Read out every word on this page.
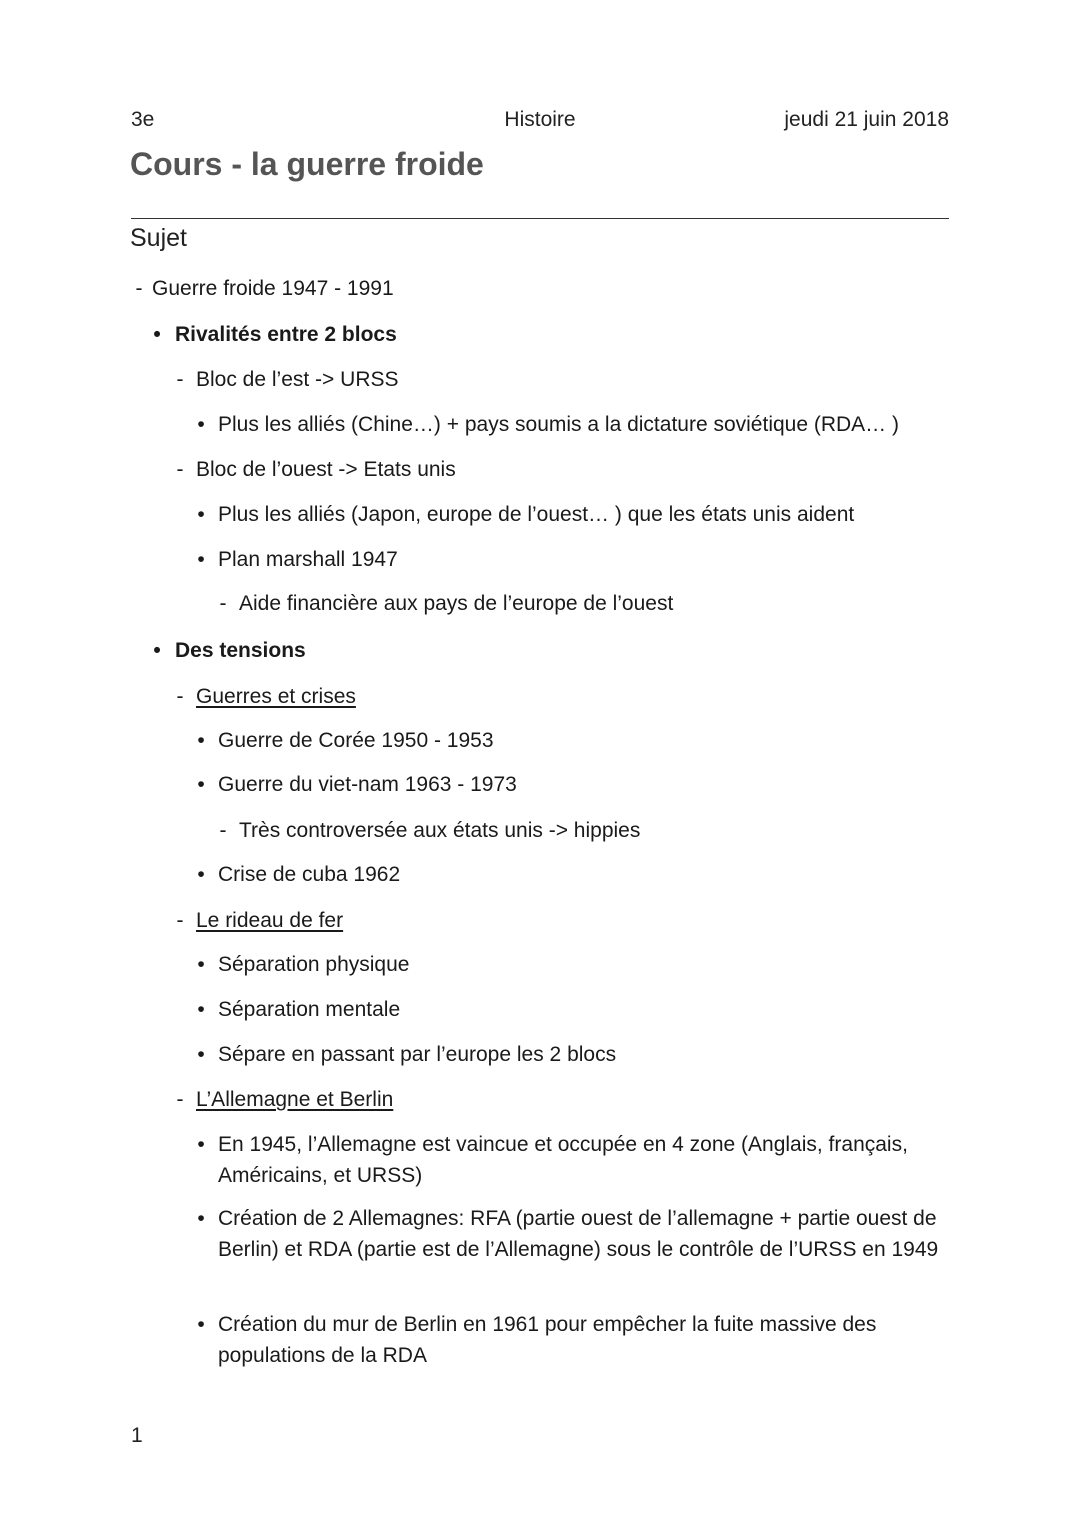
3e	Histoire	jeudi 21 juin 2018
Cours - la guerre froide
Sujet
- Guerre froide 1947 - 1991
• Rivalités entre 2 blocs
- Bloc de l’est -> URSS
• Plus les alliés (Chine…) + pays soumis a la dictature soviétique (RDA… )
- Bloc de l’ouest -> Etats unis
• Plus les alliés (Japon, europe de l’ouest… ) que les états unis aident
• Plan marshall 1947
- Aide financière aux pays de l’europe de l’ouest
• Des tensions
- Guerres et crises
• Guerre de Corée 1950 - 1953
• Guerre du viet-nam 1963 - 1973
- Très controversée aux états unis -> hippies
• Crise de cuba 1962
- Le rideau de fer
• Séparation physique
• Séparation mentale
• Sépare en passant par l’europe les 2 blocs
- L’Allemagne et Berlin
• En 1945, l’Allemagne est vaincue et occupée en 4 zone (Anglais, français, Américains, et URSS)
• Création de 2 Allemagnes: RFA (partie ouest de l’allemagne + partie ouest de Berlin) et RDA (partie est de l’Allemagne) sous le contrôle de l’URSS en 1949
• Création du mur de Berlin en 1961 pour empêcher la fuite massive des populations de la RDA
1
